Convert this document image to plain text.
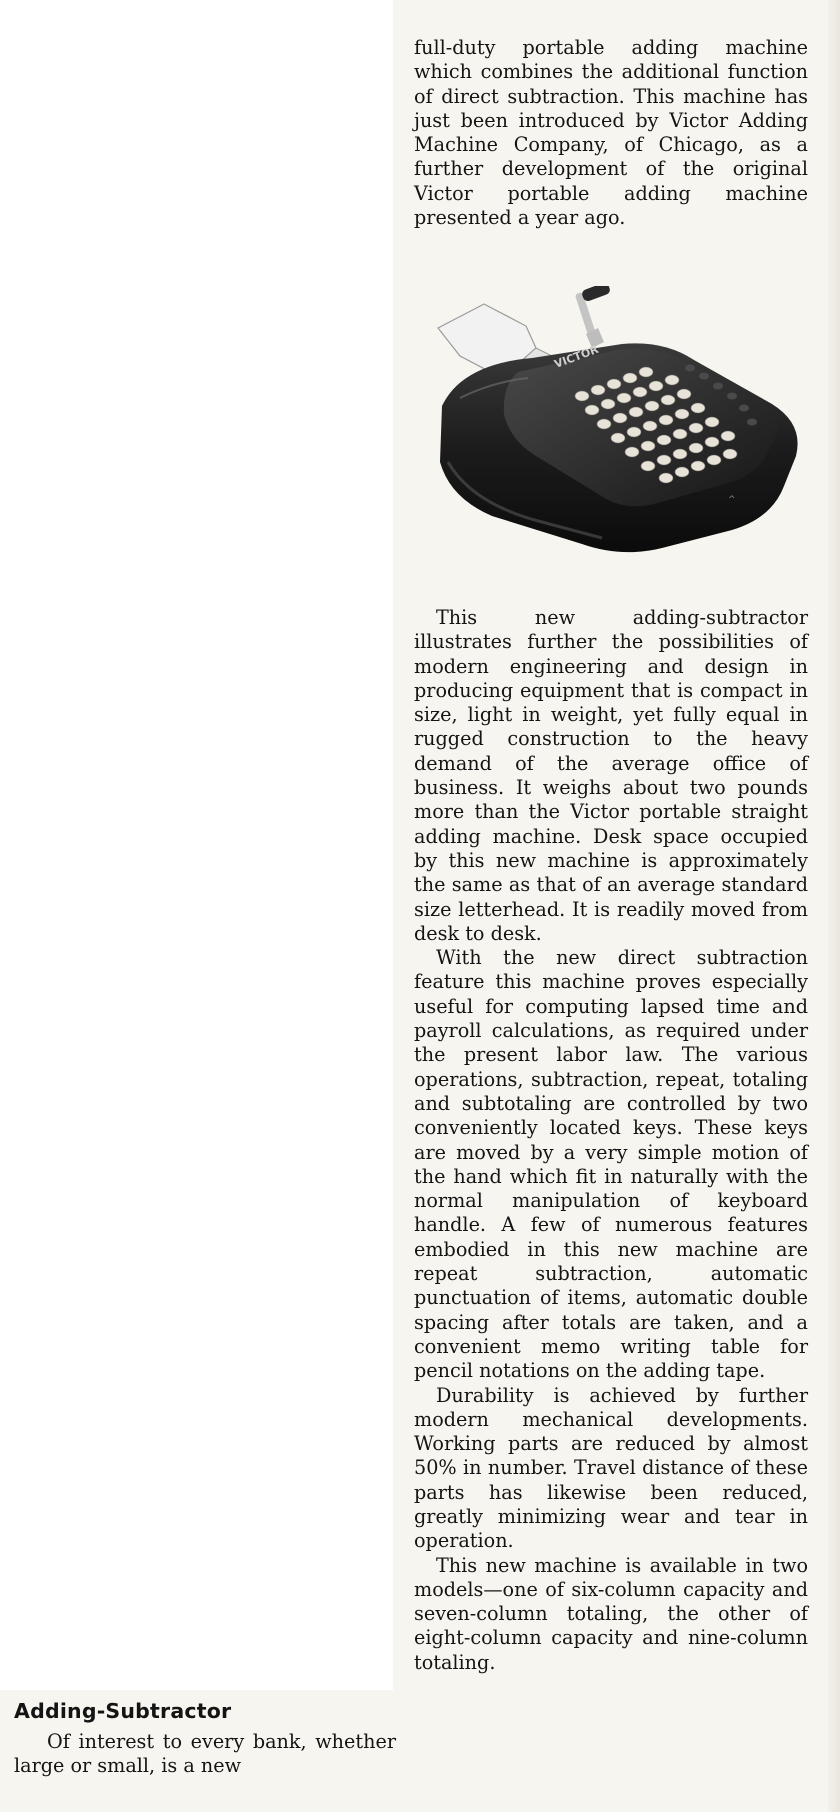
full-duty portable adding machine which combines the additional function of direct subtraction. This machine has just been introduced by Victor Adding Machine Company, of Chicago, as a further development of the original Victor portable adding machine presented a year ago.

This new adding-subtractor illustrates further the possibilities of modern engineering and design in producing equipment that is compact in size, light in weight, yet fully equal in rugged construction to the heavy demand of the average office of business. It weighs about two pounds more than the Victor portable straight adding machine. Desk space occupied by this new machine is approximately the same as that of an average standard size letterhead. It is readily moved from desk to desk.

With the new direct subtraction feature this machine proves especially useful for computing lapsed time and payroll calculations, as required under the present labor law. The various operations, subtraction, repeat, totaling and subtotaling are controlled by two conveniently located keys. These keys are moved by a very simple motion of the hand which fit in naturally with the normal manipulation of keyboard handle. A few of numerous features embodied in this new machine are repeat subtraction, automatic punctuation of items, automatic double spacing after totals are taken, and a convenient memo writing table for pencil notations on the adding tape.

Durability is achieved by further modern mechanical developments. Working parts are reduced by almost 50% in number. Travel distance of these parts has likewise been reduced, greatly minimizing wear and tear in operation.

This new machine is available in two models—one of six-column capacity and seven-column totaling, the other of eight-column capacity and nine-column totaling.

VICTOR
^
Adding-Subtractor

Of interest to every bank, whether large or small, is a new
